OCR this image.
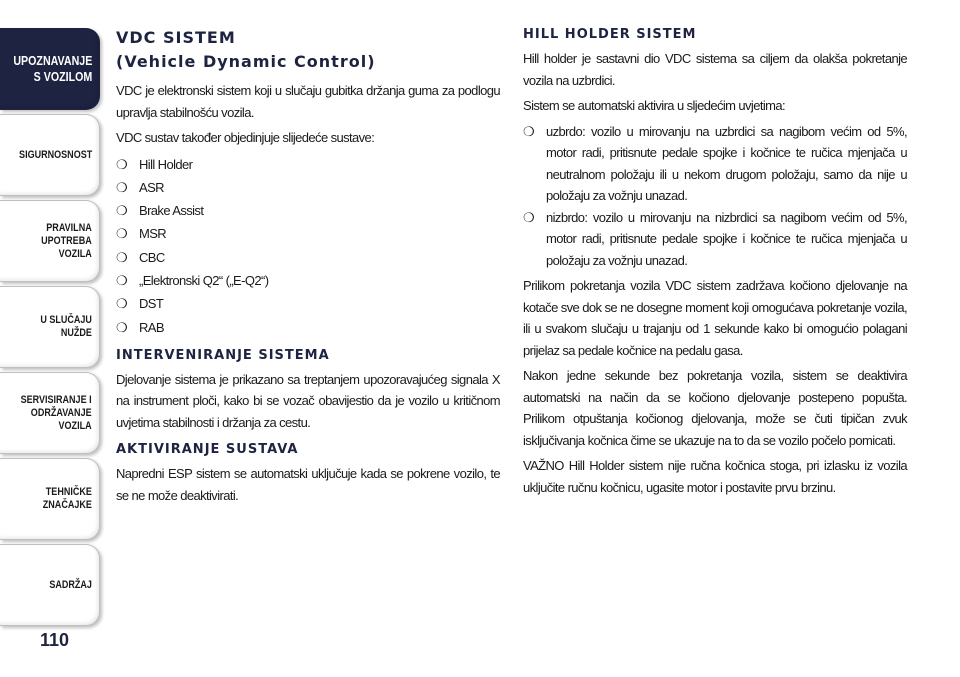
UPOZNAVANJE
S VOZILOM
SIGURNOSNOST
PRAVILNA
UPOTREBA
VOZILA
U SLUČAJU
NUŽDE
SERVISIRANJE I
ODRŽAVANJE
VOZILA
TEHNIČKE
ZNAČAJKE
SADRŽAJ
110
VDC SISTEM
(Vehicle Dynamic Control)

VDC je elektronski sistem koji u slučaju gubitka držanja guma za podlogu upravlja stabilnošću vozila.

VDC sustav također objedinjuje slijedeće sustave:

❍ Hill Holder
❍ ASR
❍ Brake Assist
❍ MSR
❍ CBC
❍ „Elektronski Q2“ („E-Q2“)
❍ DST
❍ RAB
INTERVENIRANJE SISTEMA

Djelovanje sistema je prikazano sa treptanjem upozoravajućeg signala X na instrument ploči, kako bi se vozač obavijestio da je vozilo u kritičnom uvjetima stabilnosti i držanja za cestu.

AKTIVIRANJE SUSTAVA

Napredni ESP sistem se automatski uključuje kada se pokrene vozilo, te se ne može deaktivirati.

HILL HOLDER SISTEM

Hill holder je sastavni dio VDC sistema sa ciljem da olakša pokretanje vozila na uzbrdici.

Sistem se automatski aktivira u sljedećim uvjetima:

❍ uzbrdo: vozilo u mirovanju na uzbrdici sa nagibom većim od 5%, motor radi, pritisnute pedale spojke i kočnice te ručica mjenjača u neutralnom položaju ili u nekom drugom položaju, samo da nije u položaju za vožnju unazad.
❍ nizbrdo: vozilo u mirovanju na nizbrdici sa nagibom većim od 5%, motor radi, pritisnute pedale spojke i kočnice te ručica mjenjača u položaju za vožnju unazad.

Prilikom pokretanja vozila VDC sistem zadržava kočiono djelovanje na kotače sve dok se ne dosegne moment koji omogućava pokretanje vozila, ili u svakom slučaju u trajanju od 1 sekunde kako bi omogućio polagani prijelaz sa pedale kočnice na pedalu gasa.

Nakon jedne sekunde bez pokretanja vozila, sistem se deaktivira automatski na način da se kočiono djelovanje postepeno popušta. Prilikom otpuštanja kočionog djelovanja, može se čuti tipičan zvuk isključivanja kočnica čime se ukazuje na to da se vozilo počelo pomicati.

VAŽNO Hill Holder sistem nije ručna kočnica stoga, pri izlasku iz vozila uključite ručnu kočnicu, ugasite motor i postavite prvu brzinu.
